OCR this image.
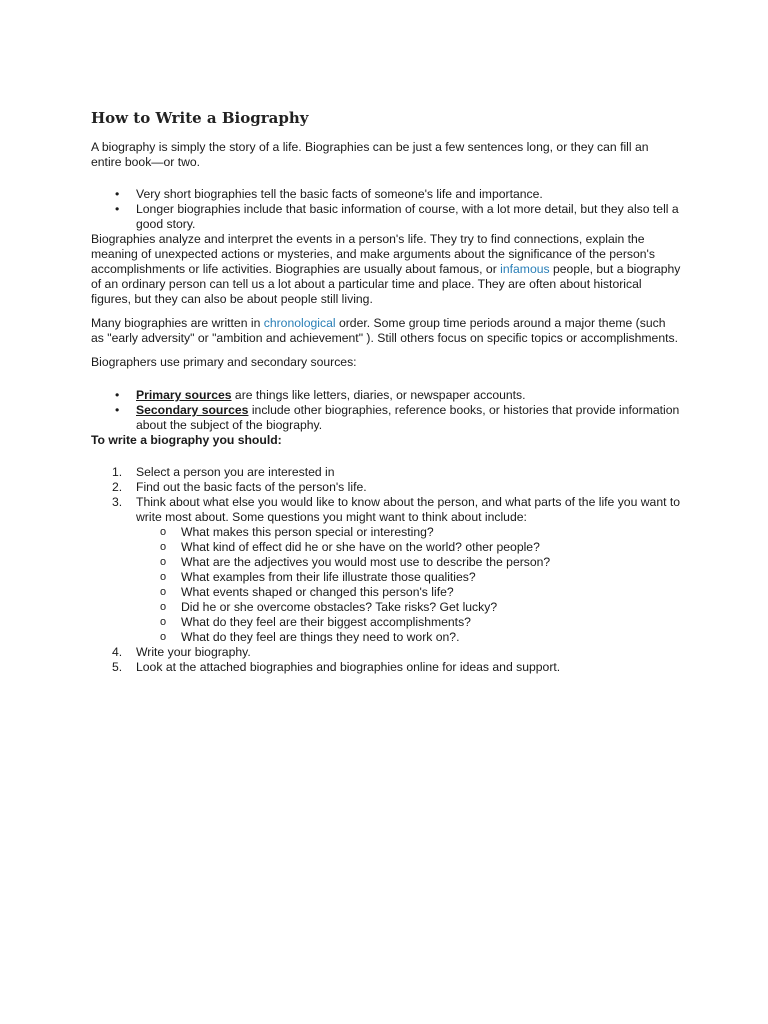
How to Write a Biography

A biography is simply the story of a life. Biographies can be just a few sentences long, or they can fill an entire book—or two.

• Very short biographies tell the basic facts of someone's life and importance.
• Longer biographies include that basic information of course, with a lot more detail, but they also tell a good story.

Biographies analyze and interpret the events in a person's life. They try to find connections, explain the meaning of unexpected actions or mysteries, and make arguments about the significance of the person's accomplishments or life activities. Biographies are usually about famous, or infamous people, but a biography of an ordinary person can tell us a lot about a particular time and place. They are often about historical figures, but they can also be about people still living.

Many biographies are written in chronological order. Some group time periods around a major theme (such as "early adversity" or "ambition and achievement" ). Still others focus on specific topics or accomplishments.

Biographers use primary and secondary sources:

• Primary sources are things like letters, diaries, or newspaper accounts.
• Secondary sources include other biographies, reference books, or histories that provide information about the subject of the biography.

To write a biography you should:

1. Select a person you are interested in
2. Find out the basic facts of the person's life.
3. Think about what else you would like to know about the person, and what parts of the life you want to write most about. Some questions you might want to think about include:
o What makes this person special or interesting?
o What kind of effect did he or she have on the world? other people?
o What are the adjectives you would most use to describe the person?
o What examples from their life illustrate those qualities?
o What events shaped or changed this person's life?
o Did he or she overcome obstacles? Take risks? Get lucky?
o What do they feel are their biggest accomplishments?
o What do they feel are things they need to work on?.
4. Write your biography.
5. Look at the attached biographies and biographies online for ideas and support.
